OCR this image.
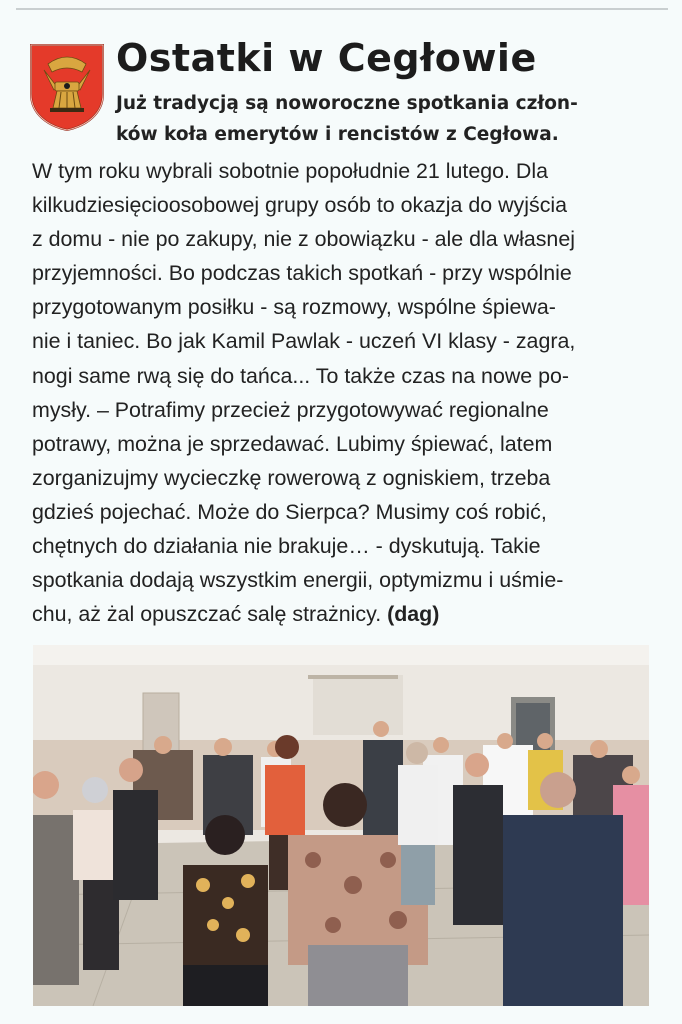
Ostatki w Cegłowie

Już tradycją są noworoczne spotkania człon-
ków koła emerytów i rencistów z Cegłowa.

W tym roku wybrali sobotnie popołudnie 21 lutego. Dla
kilkudziesięcioosobowej grupy osób to okazja do wyjścia
z domu - nie po zakupy, nie z obowiązku - ale dla własnej
przyjemności. Bo podczas takich spotkań - przy wspólnie
przygotowanym posiłku - są rozmowy, wspólne śpiewa-
nie i taniec. Bo jak Kamil Pawlak - uczeń VI klasy - zagra,
nogi same rwą się do tańca... To także czas na nowe po-
mysły. – Potrafimy przecież przygotowywać regionalne
potrawy, można je sprzedawać. Lubimy śpiewać, latem
zorganizujmy wycieczkę rowerową z ogniskiem, trzeba
gdzieś pojechać. Może do Sierpca? Musimy coś robić,
chętnych do działania nie brakuje… - dyskutują. Takie
spotkania dodają wszystkim energii, optymizmu i uśmie-
chu, aż żal opuszczać salę strażnicy. (dag)
